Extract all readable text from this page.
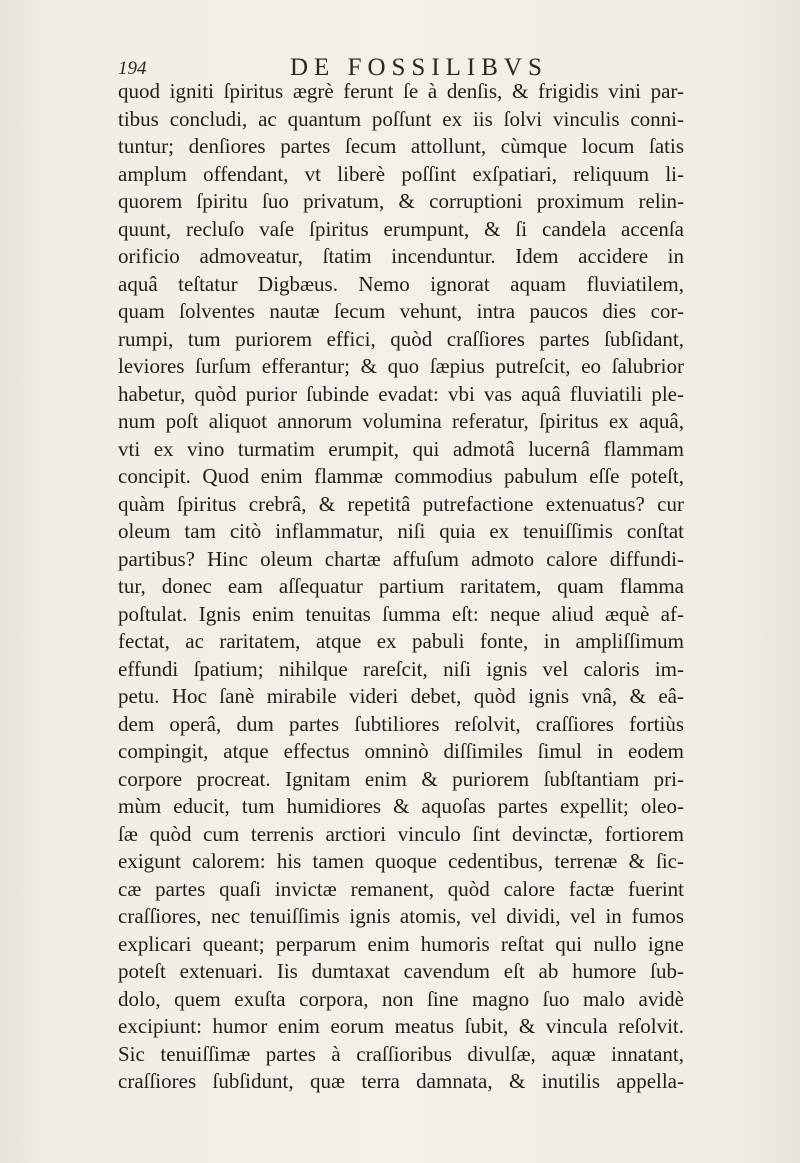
194	DE FOSSILIBVS
quod igniti ſpiritus ægrè ferunt ſe à denſis, & frigidis vini par-
tibus concludi, ac quantum poſſunt ex iis ſolvi vinculis conni-
tuntur; denſiores partes ſecum attollunt, cùmque locum ſatis
amplum offendant, vt liberè poſſint exſpatiari, reliquum li-
quorem ſpiritu ſuo privatum, & corruptioni proximum relin-
quunt, recluſo vaſe ſpiritus erumpunt, & ſi candela accenſa
orificio admoveatur, ſtatim incenduntur. Idem accidere in
aquâ teſtatur Digbæus. Nemo ignorat aquam fluviatilem,
quam ſolventes nautæ ſecum vehunt, intra paucos dies cor-
rumpi, tum puriorem effici, quòd craſſiores partes ſubſidant,
leviores ſurſum efferantur; & quo ſæpius putreſcit, eo ſalubrior
habetur, quòd purior ſubinde evadat: vbi vas aquâ fluviatili ple-
num poſt aliquot annorum volumina referatur, ſpiritus ex aquâ,
vti ex vino turmatim erumpit, qui admotâ lucernâ flammam
concipit. Quod enim flammæ commodius pabulum eſſe poteſt,
quàm ſpiritus crebrâ, & repetitâ putrefactione extenuatus? cur
oleum tam citò inflammatur, niſi quia ex tenuiſſimis conſtat
partibus? Hinc oleum chartæ affuſum admoto calore diffundi-
tur, donec eam aſſequatur partium raritatem, quam flamma
poſtulat. Ignis enim tenuitas ſumma eſt: neque aliud æquè af-
fectat, ac raritatem, atque ex pabuli fonte, in ampliſſimum
effundi ſpatium; nihilque rareſcit, niſi ignis vel caloris im-
petu. Hoc ſanè mirabile videri debet, quòd ignis vnâ, & eâ-
dem operâ, dum partes ſubtiliores reſolvit, craſſiores fortiùs
compingit, atque effectus omninò diſſimiles ſimul in eodem
corpore procreat. Ignitam enim & puriorem ſubſtantiam pri-
mùm educit, tum humidiores & aquoſas partes expellit; oleo-
ſæ quòd cum terrenis arctiori vinculo ſint devinctæ, fortiorem
exigunt calorem: his tamen quoque cedentibus, terrenæ & ſic-
cæ partes quaſi invictæ remanent, quòd calore factæ fuerint
craſſiores, nec tenuiſſimis ignis atomis, vel dividi, vel in fumos
explicari queant; perparum enim humoris reſtat qui nullo igne
poteſt extenuari. Iis dumtaxat cavendum eſt ab humore ſub-
dolo, quem exuſta corpora, non ſine magno ſuo malo avidè
excipiunt: humor enim eorum meatus ſubit, & vincula reſolvit.
Sic tenuiſſimæ partes à craſſioribus divulſæ, aquæ innatant,
craſſiores ſubſidunt, quæ terra damnata, & inutilis appella-
